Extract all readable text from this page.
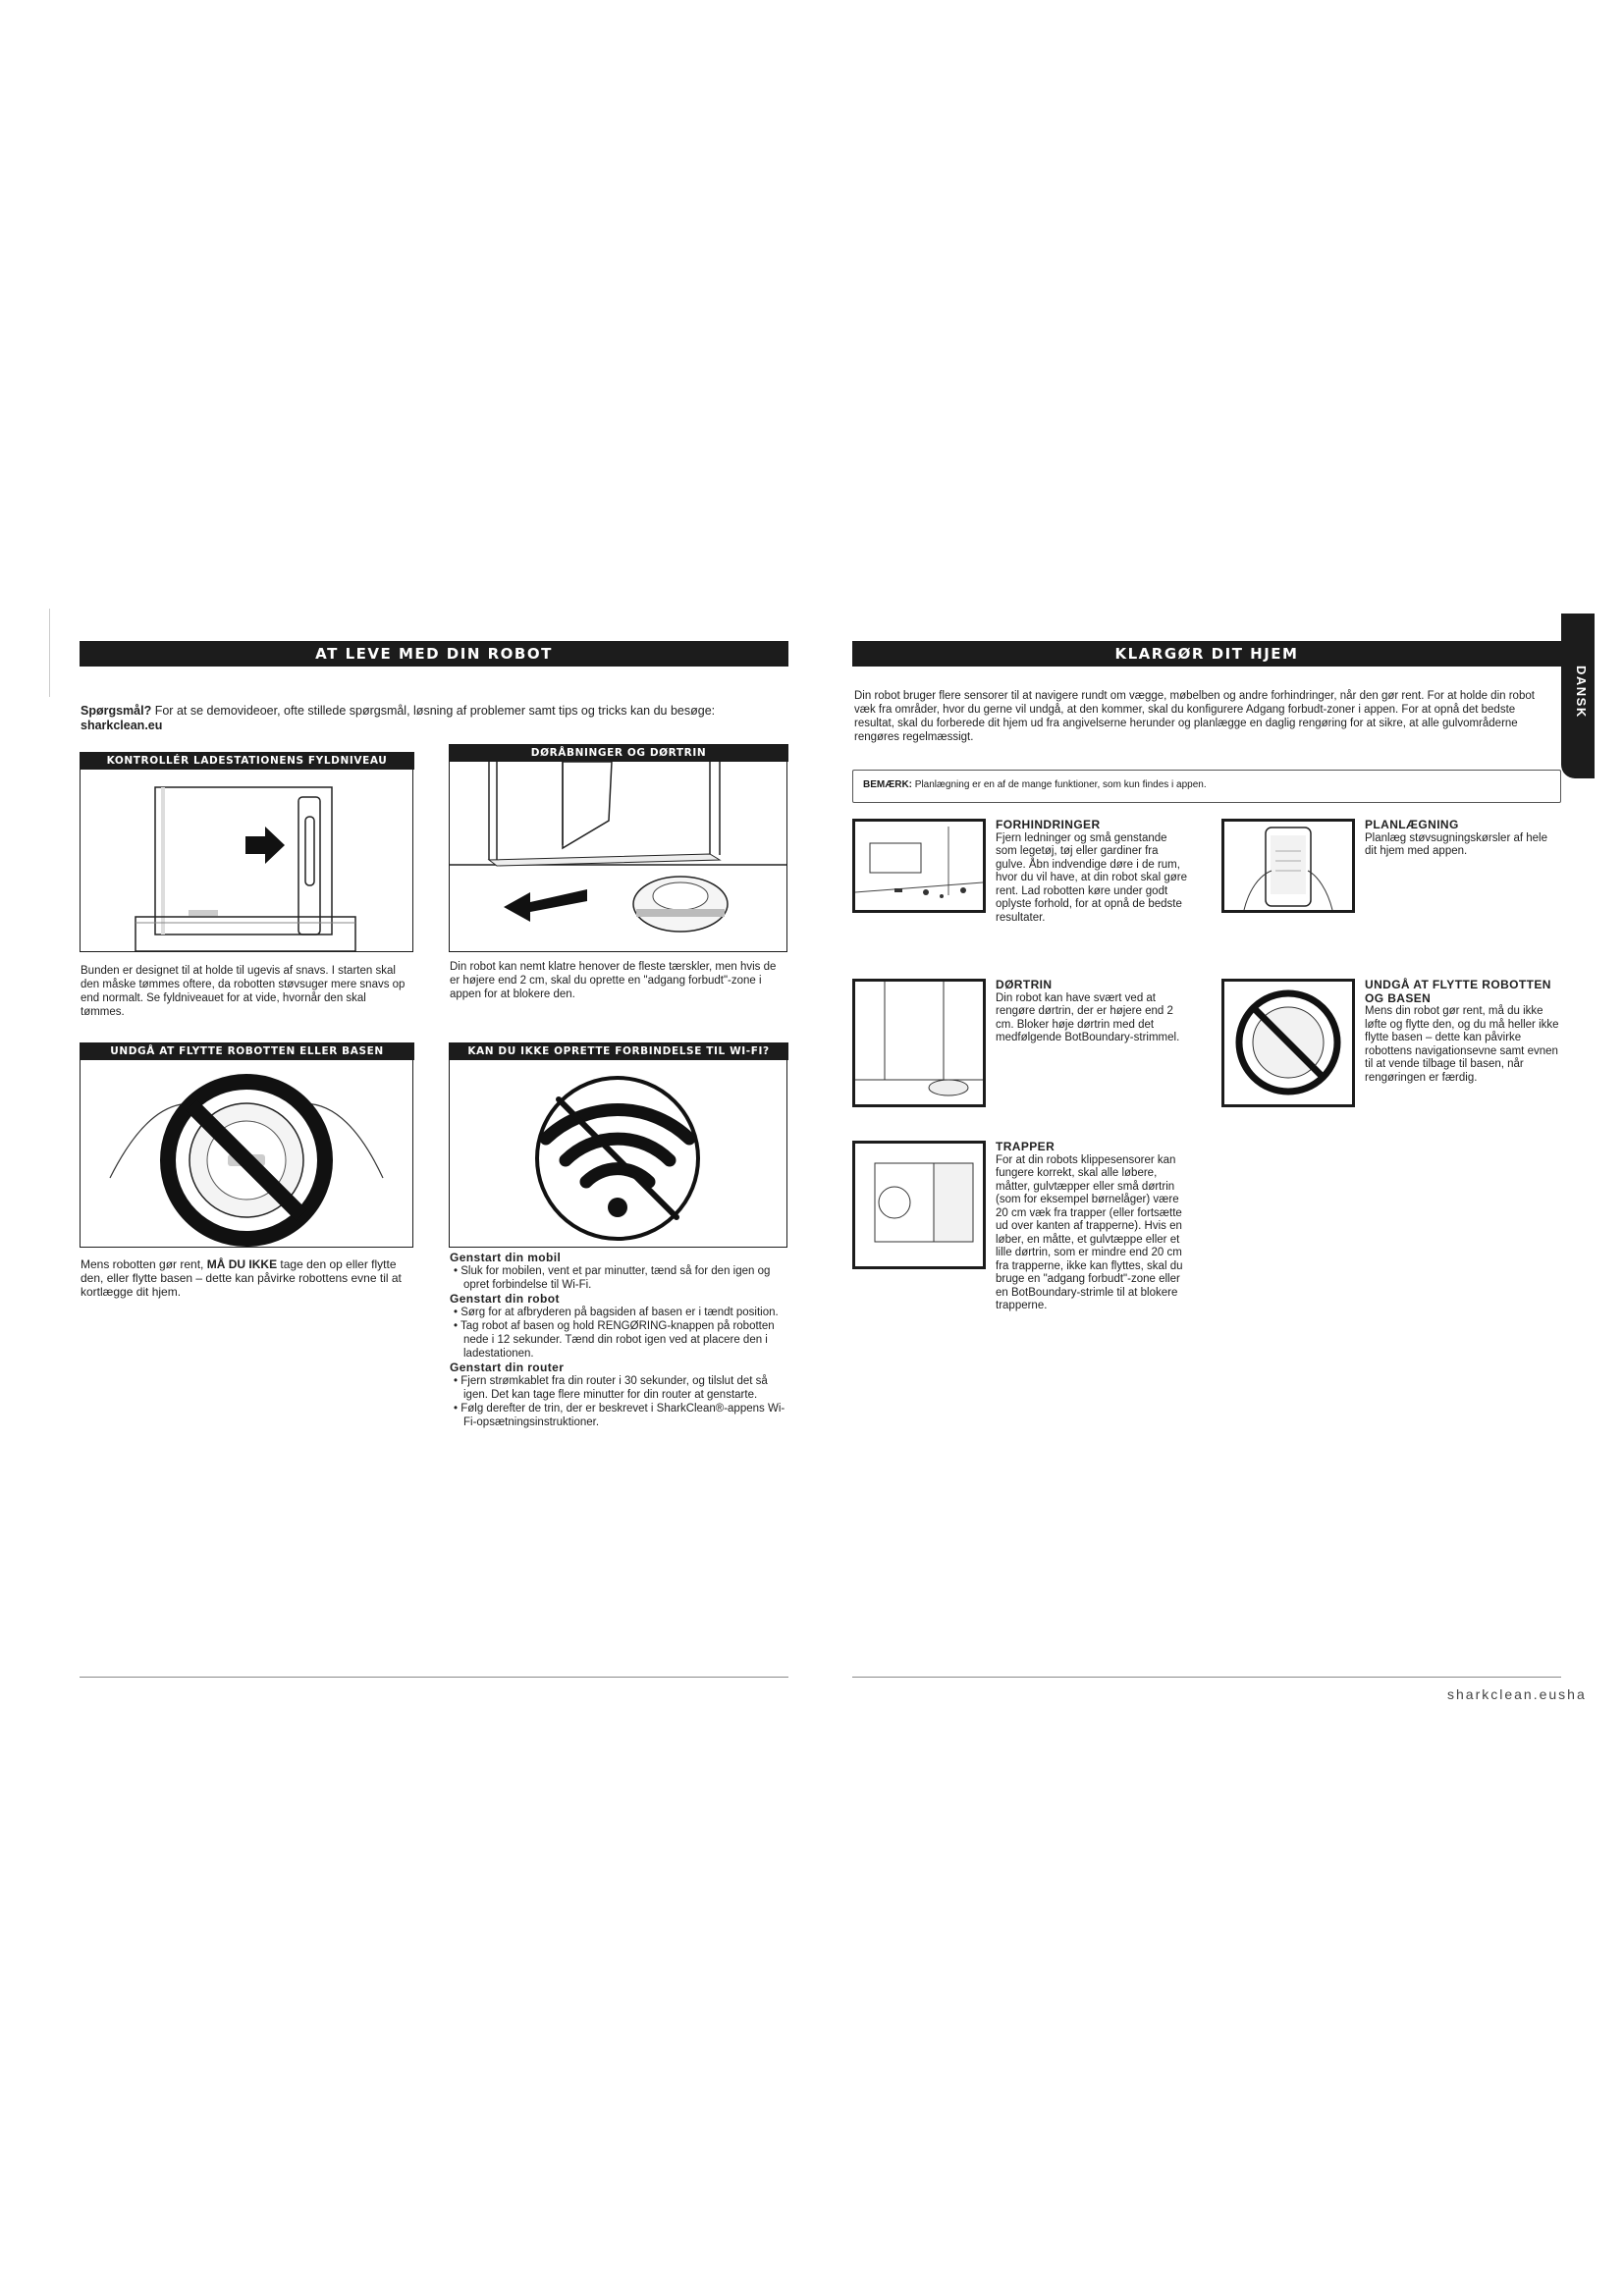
AT LEVE MED DIN ROBOT
Spørgsmål? For at se demovideoer, ofte stillede spørgsmål, løsning af problemer samt tips og tricks kan du besøge: sharkclean.eu
KONTROLLÉR LADESTATIONENS FYLDNIVEAU
Bunden er designet til at holde til ugevis af snavs. I starten skal den måske tømmes oftere, da robotten støvsuger mere snavs op end normalt. Se fyldniveauet for at vide, hvornår den skal tømmes.
DØRÅBNINGER OG DØRTRIN
Din robot kan nemt klatre henover de fleste tærskler, men hvis de er højere end 2 cm, skal du oprette en "adgang forbudt"-zone i appen for at blokere den.
UNDGÅ AT FLYTTE ROBOTTEN ELLER BASEN
Mens robotten gør rent, MÅ DU IKKE tage den op eller flytte den, eller flytte basen – dette kan påvirke robottens evne til at kortlægge dit hjem.
KAN DU IKKE OPRETTE FORBINDELSE TIL WI-FI?

Genstart din mobil

• Sluk for mobilen, vent et par minutter, tænd så for den igen og opret forbindelse til Wi-Fi.

Genstart din robot

• Sørg for at afbryderen på bagsiden af basen er i tændt position.

• Tag robot af basen og hold RENGØRING-knappen på robotten nede i 12 sekunder. Tænd din robot igen ved at placere den i ladestationen.

Genstart din router

• Fjern strømkablet fra din router i 30 sekunder, og tilslut det så igen. Det kan tage flere minutter for din router at genstarte.

• Følg derefter de trin, der er beskrevet i SharkClean®-appens Wi-Fi-opsætningsinstruktioner.

KLARGØR DIT HJEM
DANSK
Din robot bruger flere sensorer til at navigere rundt om vægge, møbelben og andre forhindringer, når den gør rent. For at holde din robot væk fra områder, hvor du gerne vil undgå, at den kommer, skal du konfigurere Adgang forbudt-zoner i appen. For at opnå det bedste resultat, skal du forberede dit hjem ud fra angivelserne herunder og planlægge en daglig rengøring for at sikre, at alle gulvområderne rengøres regelmæssigt.
BEMÆRK: Planlægning er en af de mange funktioner, som kun findes i appen.

FORHINDRINGER

Fjern ledninger og små genstande som legetøj, tøj eller gardiner fra gulve. Åbn indvendige døre i de rum, hvor du vil have, at din robot skal gøre rent. Lad robotten køre under godt oplyste forhold, for at opnå de bedste resultater.

PLANLÆGNING

Planlæg støvsugningskørsler af hele dit hjem med appen.

DØRTRIN

Din robot kan have svært ved at rengøre dørtrin, der er højere end 2 cm. Bloker høje dørtrin med det medfølgende BotBoundary-strimmel.

UNDGÅ AT FLYTTE ROBOTTEN OG BASEN

Mens din robot gør rent, må du ikke løfte og flytte den, og du må heller ikke flytte basen – dette kan påvirke robottens navigationsevne samt evnen til at vende tilbage til basen, når rengøringen er færdig.

TRAPPER

For at din robots klippesensorer kan fungere korrekt, skal alle løbere, måtter, gulvtæpper eller små dørtrin (som for eksempel børnelåger) være 20 cm væk fra trapper (eller fortsætte ud over kanten af trapperne). Hvis en løber, en måtte, et gulvtæppe eller et lille dørtrin, som er mindre end 20 cm fra trapperne, ikke kan flyttes, skal du bruge en "adgang forbudt"-zone eller en BotBoundary-strimle til at blokere trapperne.

sharkclean.eusha
